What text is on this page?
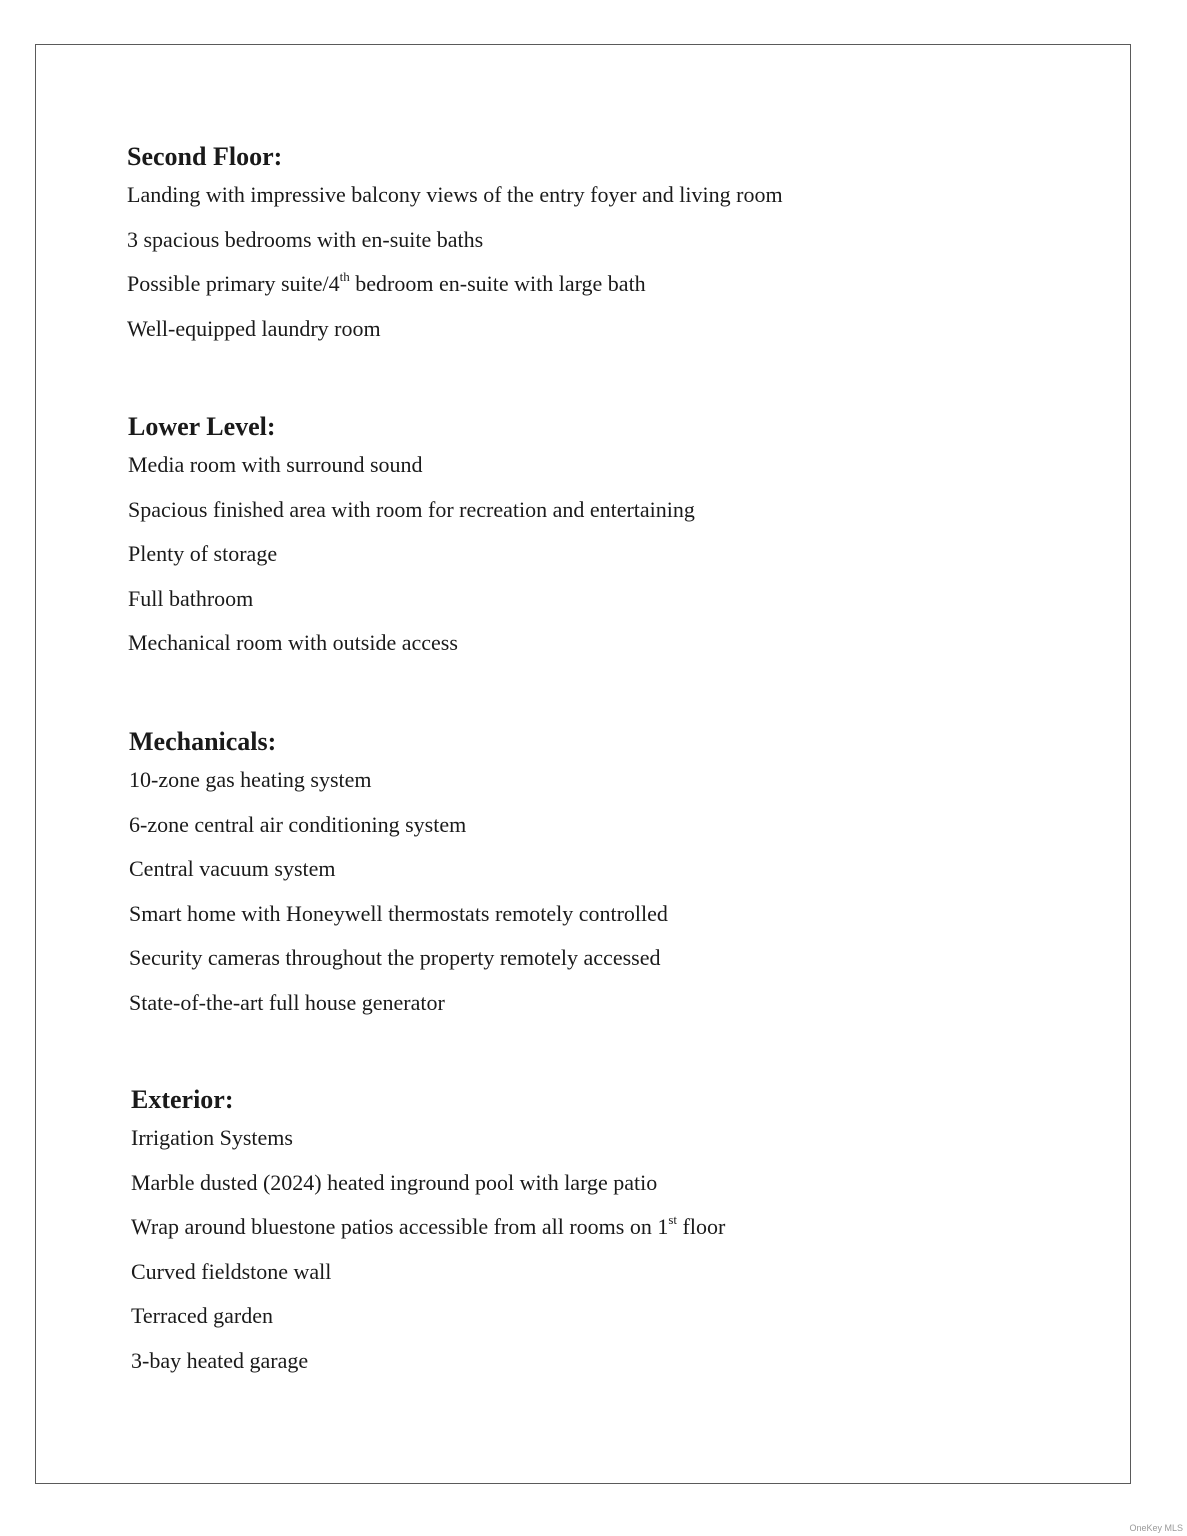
Second Floor:
Landing with impressive balcony views of the entry foyer and living room
3 spacious bedrooms with en-suite baths
Possible primary suite/4th bedroom en-suite with large bath
Well-equipped laundry room
Lower Level:
Media room with surround sound
Spacious finished area with room for recreation and entertaining
Plenty of storage
Full bathroom
Mechanical room with outside access
Mechanicals:
10-zone gas heating system
6-zone central air conditioning system
Central vacuum system
Smart home with Honeywell thermostats remotely controlled
Security cameras throughout the property remotely accessed
State-of-the-art full house generator
Exterior:
Irrigation Systems
Marble dusted (2024) heated inground pool with large patio
Wrap around bluestone patios accessible from all rooms on 1st floor
Curved fieldstone wall
Terraced garden
3-bay heated garage
OneKey MLS
